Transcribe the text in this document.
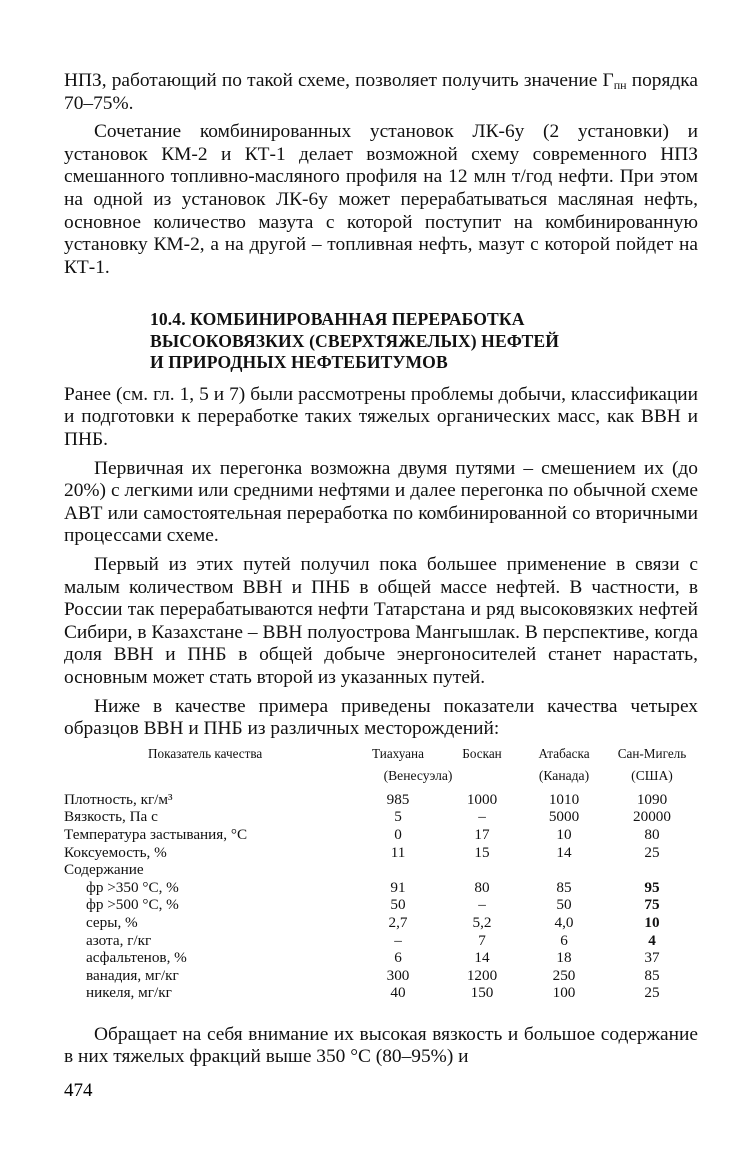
НПЗ, работающий по такой схеме, позволяет получить значение $Г_{пн}$ порядка 70–75%.

Сочетание комбинированных установок ЛК-6у (2 установки) и установок КМ-2 и КТ-1 делает возможной схему современного НПЗ смешанного топливно-масляного профиля на 12 млн т/год нефти. При этом на одной из установок ЛК-6у может перерабатываться масляная нефть, основное количество мазута с которой поступит на комбинированную установку КМ-2, а на другой – топливная нефть, мазут с которой пойдет на КТ-1.

10.4. КОМБИНИРОВАННАЯ ПЕРЕРАБОТКА
ВЫСОКОВЯЗКИХ (СВЕРХТЯЖЕЛЫХ) НЕФТЕЙ
И ПРИРОДНЫХ НЕФТЕБИТУМОВ

Ранее (см. гл. 1, 5 и 7) были рассмотрены проблемы добычи, классификации и подготовки к переработке таких тяжелых органических масс, как ВВН и ПНБ.

Первичная их перегонка возможна двумя путями – смешением их (до 20%) с легкими или средними нефтями и далее перегонка по обычной схеме АВТ или самостоятельная переработка по комбинированной со вторичными процессами схеме.

Первый из этих путей получил пока большее применение в связи с малым количеством ВВН и ПНБ в общей массе нефтей. В частности, в России так перерабатываются нефти Татарстана и ряд высоковязких нефтей Сибири, в Казахстане – ВВН полуострова Мангышлак. В перспективе, когда доля ВВН и ПНБ в общей добыче энергоносителей станет нарастать, основным может стать второй из указанных путей.

Ниже в качестве примера приведены показатели качества четырех образцов ВВН и ПНБ из различных месторождений:

Показатель качества	Тиахуана	Боскан	Атабаска	Сан-Мигель
	(Венесуэла)		(Канада)	(США)
Плотность, кг/м³	985	1000	1010	1090
Вязкость, Па с	5	–	5000	20000
Температура застывания, °С	0	17	10	80
Коксуемость, %	11	15	14	25
Содержание				
фр >350 °С, %	91	80	85	95
фр >500 °С, %	50	–	50	75
серы, %	2,7	5,2	4,0	10
азота, г/кг	–	7	6	4
асфальтенов, %	6	14	18	37
ванадия, мг/кг	300	1200	250	85
никеля, мг/кг	40	150	100	25

Обращает на себя внимание их высокая вязкость и большое содержание в них тяжелых фракций выше 350 °С (80–95%) и

474
